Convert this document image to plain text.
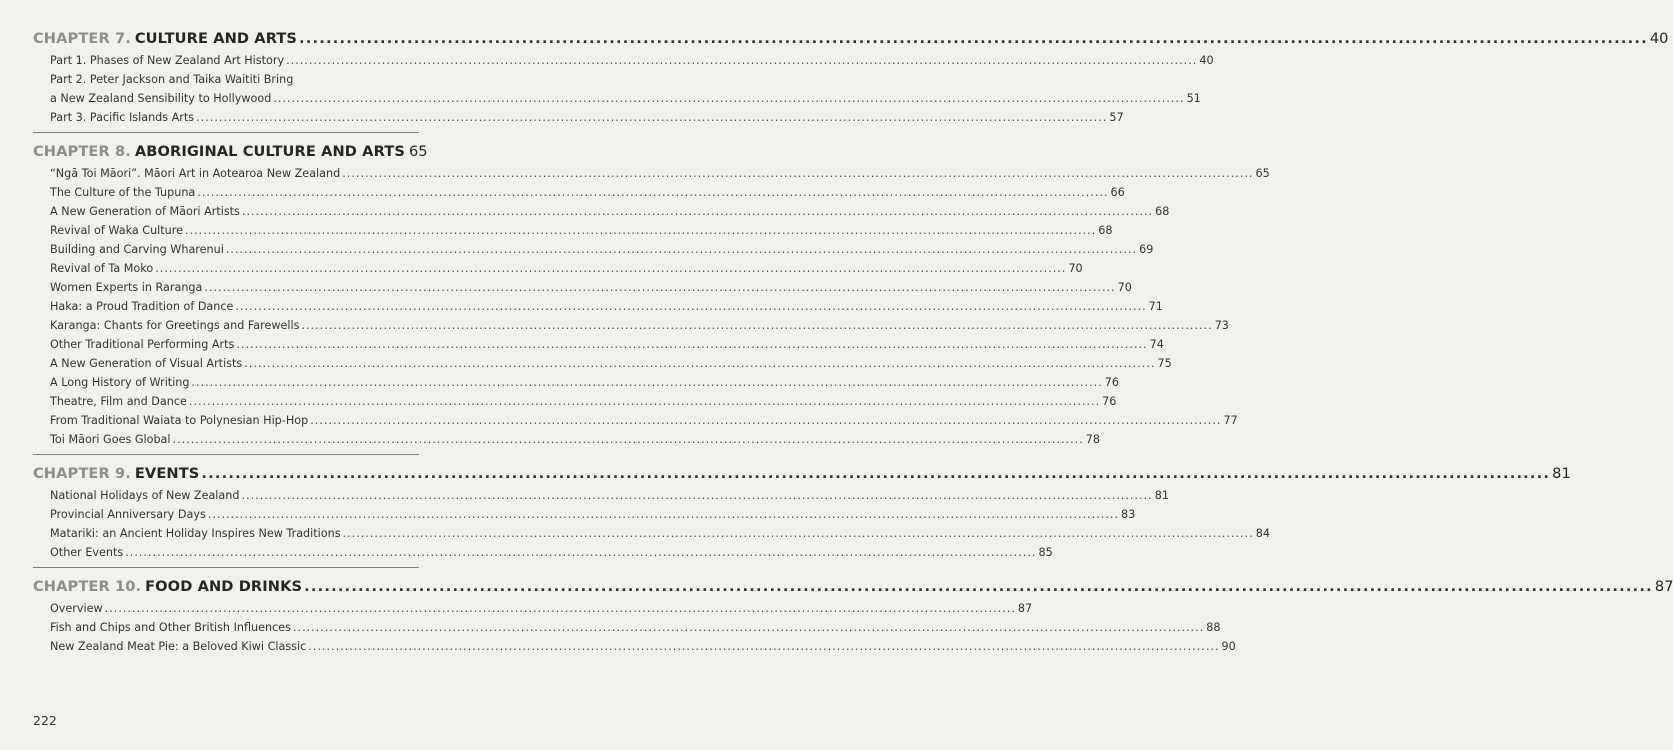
CHAPTER 7. CULTURE AND ARTS ........................................................................................................................................................................................................ 40
Part 1. Phases of New Zealand Art History ........................................................................................................................................................................................................ 40
Part 2. Peter Jackson and Taika Waititi Bring
a New Zealand Sensibility to Hollywood ........................................................................................................................................................................................................ 51
Part 3. Pacific Islands Arts ........................................................................................................................................................................................................ 57
CHAPTER 8. ABORIGINAL CULTURE AND ARTS 65
“Ngā Toi Māori”. Māori Art in Aotearoa New Zealand ........................................................................................................................................................................................................ 65
The Culture of the Tupuna ........................................................................................................................................................................................................ 66
A New Generation of Māori Artists ........................................................................................................................................................................................................ 68
Revival of Waka Culture ........................................................................................................................................................................................................ 68
Building and Carving Wharenui ........................................................................................................................................................................................................ 69
Revival of Ta Moko ........................................................................................................................................................................................................ 70
Women Experts in Raranga ........................................................................................................................................................................................................ 70
Haka: a Proud Tradition of Dance ........................................................................................................................................................................................................ 71
Karanga: Chants for Greetings and Farewells ........................................................................................................................................................................................................ 73
Other Traditional Performing Arts ........................................................................................................................................................................................................ 74
A New Generation of Visual Artists ........................................................................................................................................................................................................ 75
A Long History of Writing ........................................................................................................................................................................................................ 76
Theatre, Film and Dance ........................................................................................................................................................................................................ 76
From Traditional Waiata to Polynesian Hip-Hop ........................................................................................................................................................................................................ 77
Toi Māori Goes Global ........................................................................................................................................................................................................ 78
CHAPTER 9. EVENTS ........................................................................................................................................................................................................ 81
National Holidays of New Zealand ........................................................................................................................................................................................................ 81
Provincial Anniversary Days ........................................................................................................................................................................................................ 83
Matariki: an Ancient Holiday Inspires New Traditions ........................................................................................................................................................................................................ 84
Other Events ........................................................................................................................................................................................................ 85
CHAPTER 10. FOOD AND DRINKS ........................................................................................................................................................................................................ 87
Overview ........................................................................................................................................................................................................ 87
Fish and Chips and Other British Influences ........................................................................................................................................................................................................ 88
New Zealand Meat Pie: a Beloved Kiwi Classic ........................................................................................................................................................................................................ 90
222
